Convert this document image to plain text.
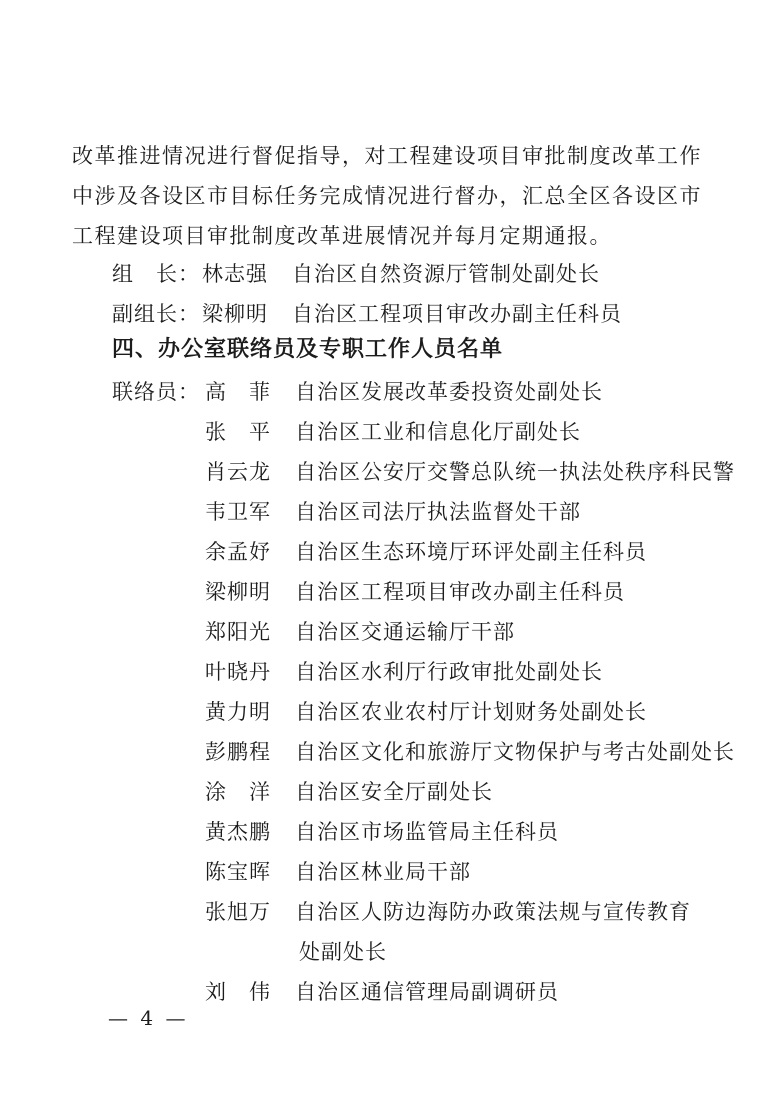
改革推进情况进行督促指导，对工程建设项目审批制度改革工作
中涉及各设区市目标任务完成情况进行督办，汇总全区各设区市
工程建设项目审批制度改革进展情况并每月定期通报。
组　长：林志强 自治区自然资源厅管制处副处长
副组长：梁柳明 自治区工程项目审改办副主任科员
四、办公室联络员及专职工作人员名单
联络员： 高　菲 自治区发展改革委投资处副处长
张　平 自治区工业和信息化厅副处长
肖云龙 自治区公安厅交警总队统一执法处秩序科民警
韦卫军 自治区司法厅执法监督处干部
余孟妤 自治区生态环境厅环评处副主任科员
梁柳明 自治区工程项目审改办副主任科员
郑阳光 自治区交通运输厅干部
叶晓丹 自治区水利厅行政审批处副处长
黄力明 自治区农业农村厅计划财务处副处长
彭鹏程 自治区文化和旅游厅文物保护与考古处副处长
涂　洋 自治区安全厅副处长
黄杰鹏 自治区市场监管局主任科员
陈宝晖 自治区林业局干部
张旭万 自治区人防边海防办政策法规与宣传教育
处副处长
刘　伟 自治区通信管理局副调研员
— 4 —
